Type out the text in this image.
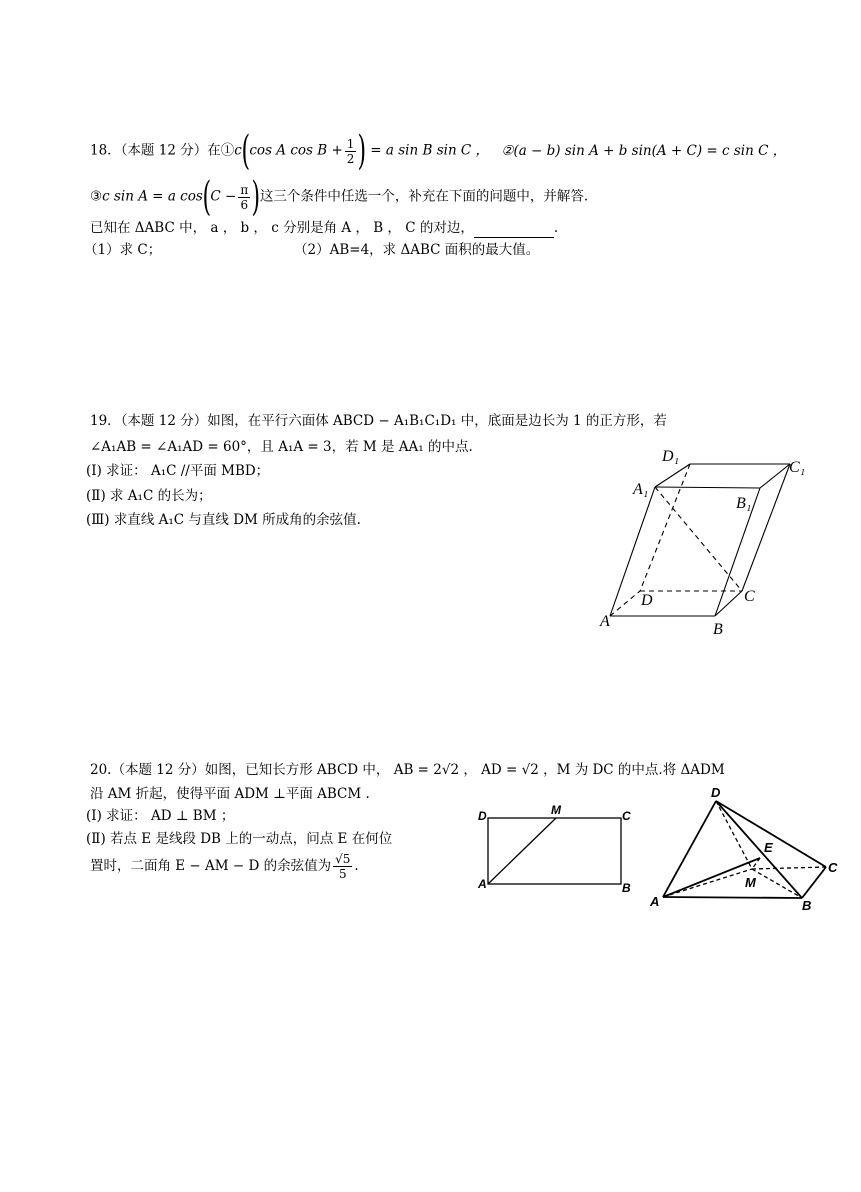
18．（本题 12 分）在①c(cos A $\cos B + \frac{1}{2}$ ) = a sin B sin C ， ②(a − b) sin A + b sin(A + C) = c sin C ，
③c sin A = a $\cos(C - \frac{\pi}{6}$ )这三个条件中任选一个，补充在下面的问题中，并解答.
已知在 ΔABC 中， a ， b ， c 分别是角 A ， B ， C 的对边，	.
（1）求 C；	（2）AB=4，求 ΔABC 面积的最大值。
19．（本题 12 分）如图，在平行六面体 ABCD − A₁B₁C₁D₁ 中，底面是边长为 1 的正方形，若
∠A₁AB = ∠A₁AD = 60°，且 A₁A = 3，若 M 是 AA₁ 的中点.
(Ⅰ) 求证： A₁C //平面 MBD；
(Ⅱ) 求 A₁C 的长为；
(Ⅲ) 求直线 A₁C 与直线 DM 所成角的余弦值.
D₁
C₁
A₁
B₁
D	C
A	B
20.（本题 12 分）如图，已知长方形 ABCD 中， AB = 2√2 ， AD = √2 ，M 为 DC 的中点.将 ΔADM
沿 AM 折起，使得平面 ADM ⊥平面 ABCM .
(Ⅰ) 求证： AD ⊥ BM ；
(Ⅱ) 若点 E 是线段 DB 上的一动点，问点 E 在何位
置时，二面角 E − AM − D 的余弦值为 $\frac{√5}{5}$ .
D	M	C
A	B
D
E
M
C
A	B
